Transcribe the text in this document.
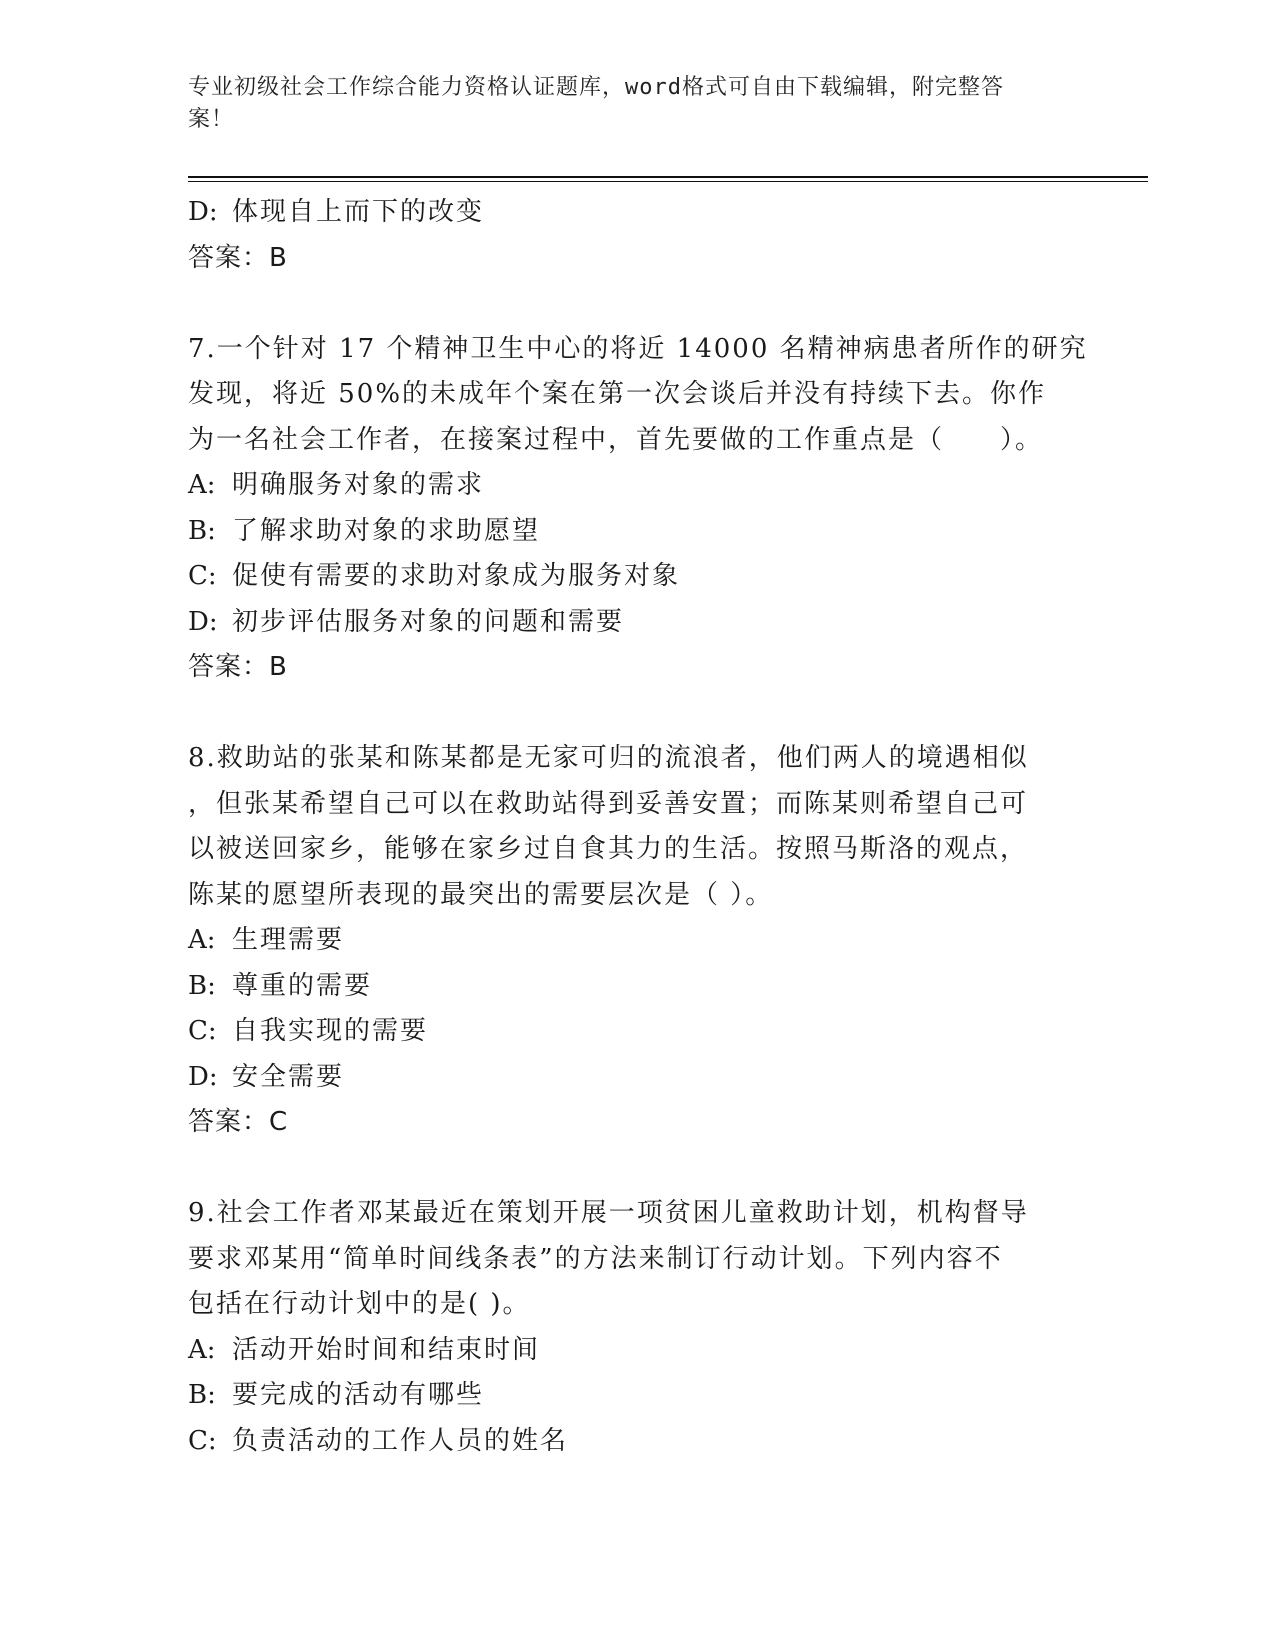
专业初级社会工作综合能力资格认证题库，word格式可自由下载编辑，附完整答
案！

D: 体现自上而下的改变

答案：B

7.一个针对 17 个精神卫生中心的将近 14000 名精神病患者所作的研究

发现，将近 50%的未成年个案在第一次会谈后并没有持续下去。你作

为一名社会工作者，在接案过程中，首先要做的工作重点是（　　）。

A: 明确服务对象的需求

B: 了解求助对象的求助愿望

C: 促使有需要的求助对象成为服务对象

D: 初步评估服务对象的问题和需要

答案：B

8.救助站的张某和陈某都是无家可归的流浪者，他们两人的境遇相似

，但张某希望自己可以在救助站得到妥善安置；而陈某则希望自己可

以被送回家乡，能够在家乡过自食其力的生活。按照马斯洛的观点，

陈某的愿望所表现的最突出的需要层次是（ ）。

A: 生理需要

B: 尊重的需要

C: 自我实现的需要

D: 安全需要

答案：C

9.社会工作者邓某最近在策划开展一项贫困儿童救助计划，机构督导

要求邓某用“简单时间线条表”的方法来制订行动计划。下列内容不

包括在行动计划中的是( )。

A: 活动开始时间和结束时间

B: 要完成的活动有哪些

C: 负责活动的工作人员的姓名
